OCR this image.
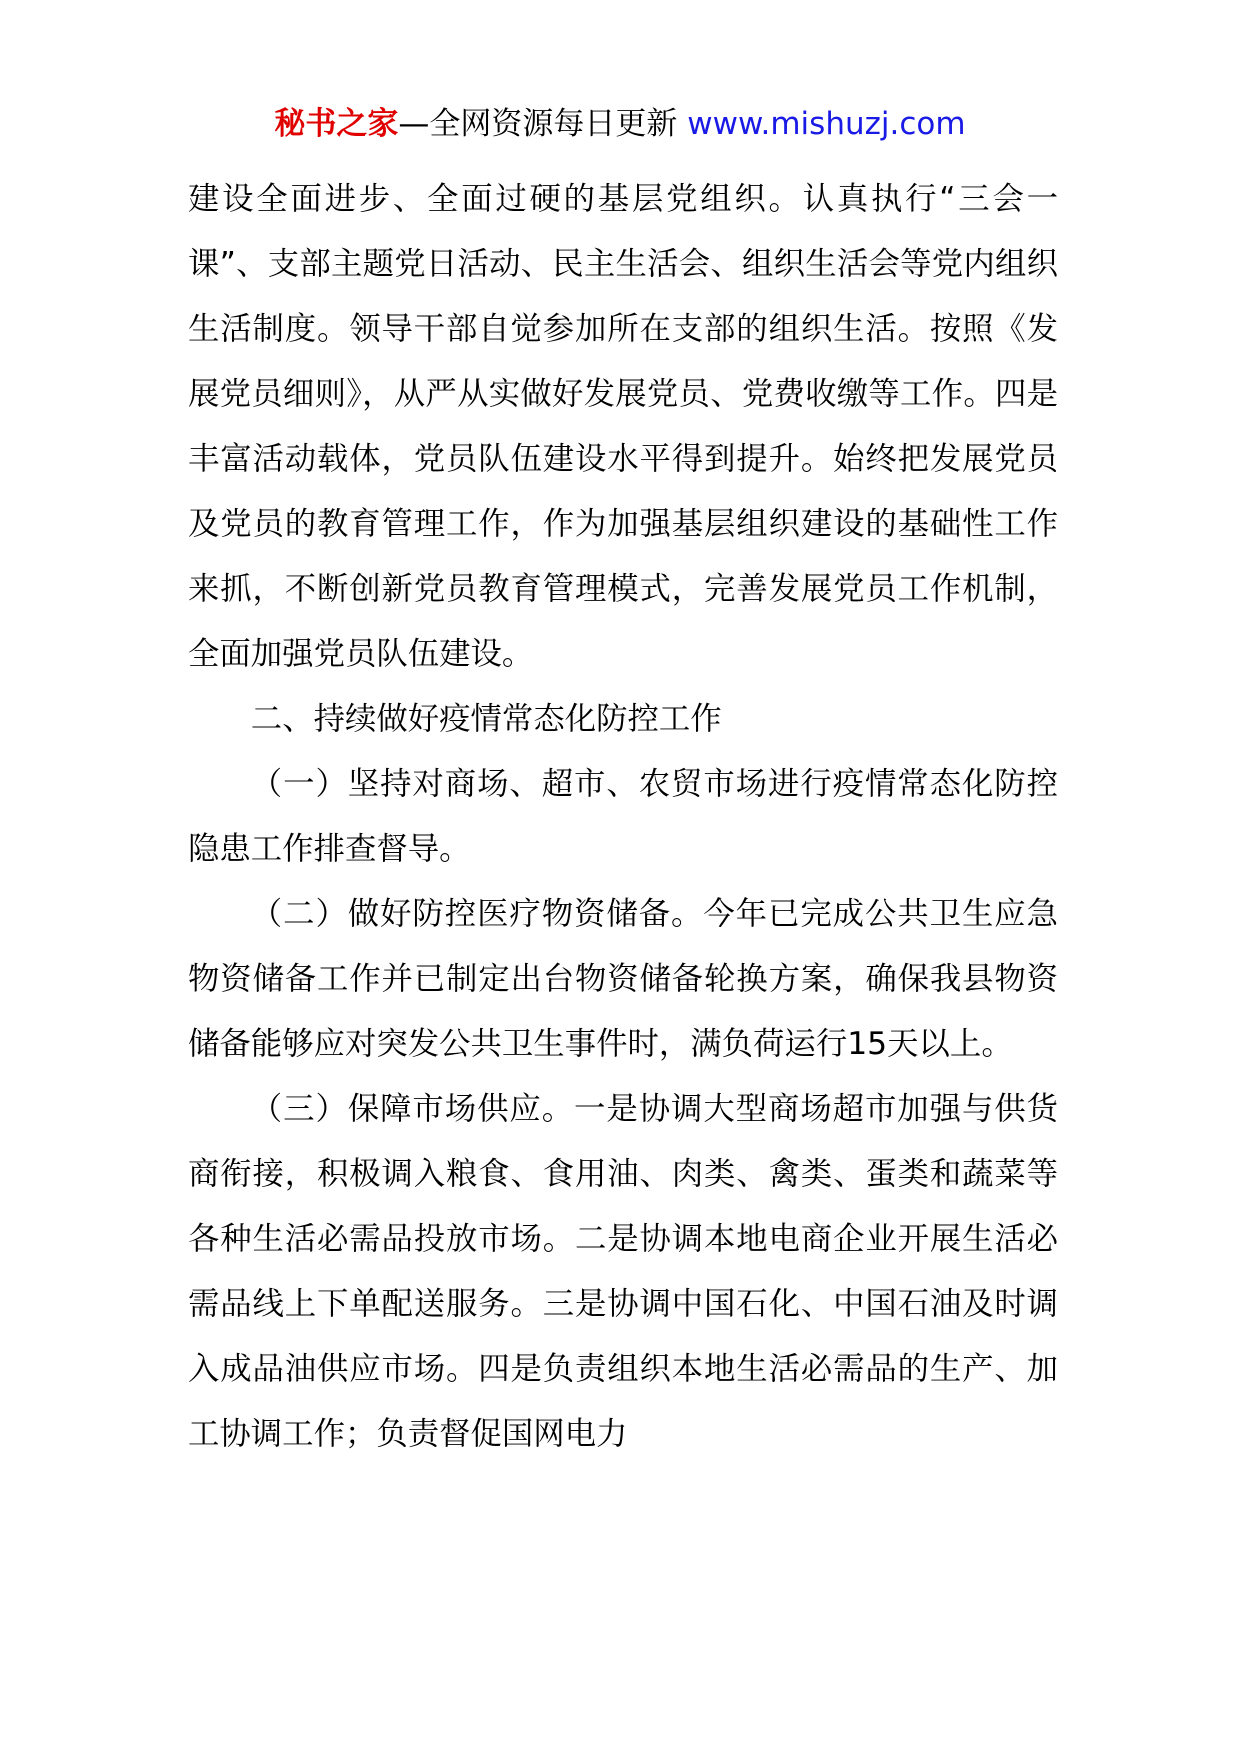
秘书之家—全网资源每日更新 www.mishuzj.com

建设全面进步、全面过硬的基层党组织。认真执行“三会一课”、支部主题党日活动、民主生活会、组织生活会等党内组织生活制度。领导干部自觉参加所在支部的组织生活。按照《发展党员细则》，从严从实做好发展党员、党费收缴等工作。四是丰富活动载体，党员队伍建设水平得到提升。始终把发展党员及党员的教育管理工作，作为加强基层组织建设的基础性工作来抓，不断创新党员教育管理模式，完善发展党员工作机制，全面加强党员队伍建设。

二、持续做好疫情常态化防控工作

（一）坚持对商场、超市、农贸市场进行疫情常态化防控隐患工作排查督导。

（二）做好防控医疗物资储备。今年已完成公共卫生应急物资储备工作并已制定出台物资储备轮换方案，确保我县物资储备能够应对突发公共卫生事件时，满负荷运行15天以上。

（三）保障市场供应。一是协调大型商场超市加强与供货商衔接，积极调入粮食、食用油、肉类、禽类、蛋类和蔬菜等各种生活必需品投放市场。二是协调本地电商企业开展生活必需品线上下单配送服务。三是协调中国石化、中国石油及时调入成品油供应市场。四是负责组织本地生活必需品的生产、加工协调工作；负责督促国网电力
